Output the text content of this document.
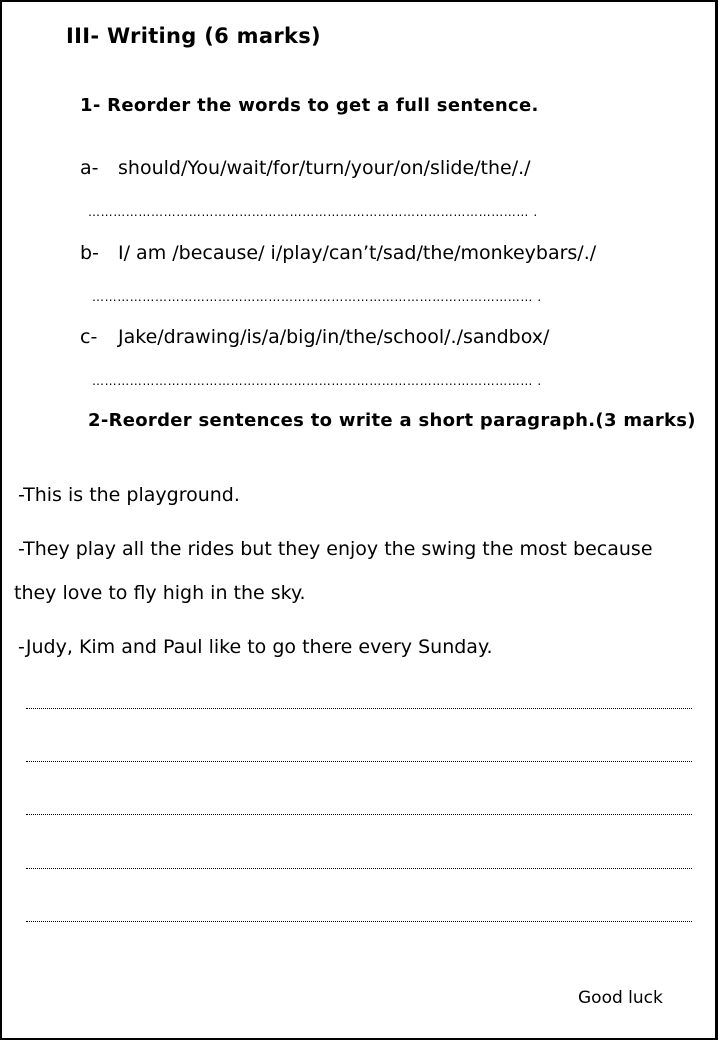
III- Writing (6 marks)
1- Reorder the words to get a full sentence.
a- should/You/wait/for/turn/your/on/slide/the/./
…………………………………………………………………………………………… .
b- I/ am /because/ i/play/can’t/sad/the/monkeybars/./
…………………………………………………………………………………………… .
c- Jake/drawing/is/a/big/in/the/school/./sandbox/
…………………………………………………………………………………………… .
2-Reorder sentences to write a short paragraph.(3 marks)
-This is the playground.
-They play all the rides but they enjoy the swing the most because
they love to fly high in the sky.
-Judy, Kim and Paul like to go there every Sunday.
Good luck
